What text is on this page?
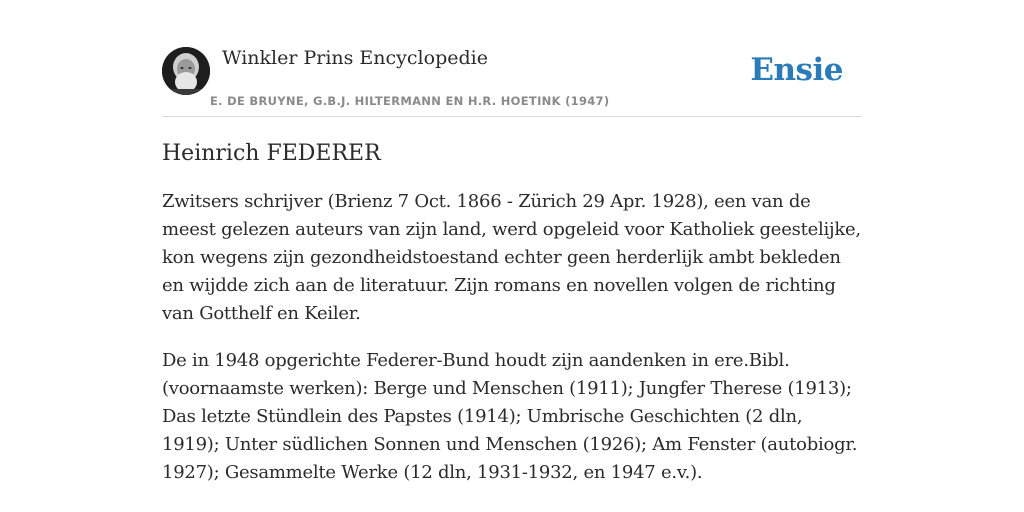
Winkler Prins Encyclopedie
E. DE BRUYNE, G.B.J. HILTERMANN EN H.R. HOETINK (1947)
Ensie
Heinrich FEDERER

Zwitsers schrijver (Brienz 7 Oct. 1866 - Zürich 29 Apr. 1928), een van de meest gelezen auteurs van zijn land, werd opgeleid voor Katholiek geestelijke, kon wegens zijn gezondheidstoestand echter geen herderlijk ambt bekleden en wijdde zich aan de literatuur. Zijn romans en novellen volgen de richting van Gotthelf en Keiler.

De in 1948 opgerichte Federer-Bund houdt zijn aandenken in ere.Bibl. (voornaamste werken): Berge und Menschen (1911); Jungfer Therese (1913); Das letzte Stündlein des Papstes (1914); Umbrische Geschichten (2 dln, 1919); Unter südlichen Sonnen und Menschen (1926); Am Fenster (autobiogr. 1927); Gesammelte Werke (12 dln, 1931-1932, en 1947 e.v.).
